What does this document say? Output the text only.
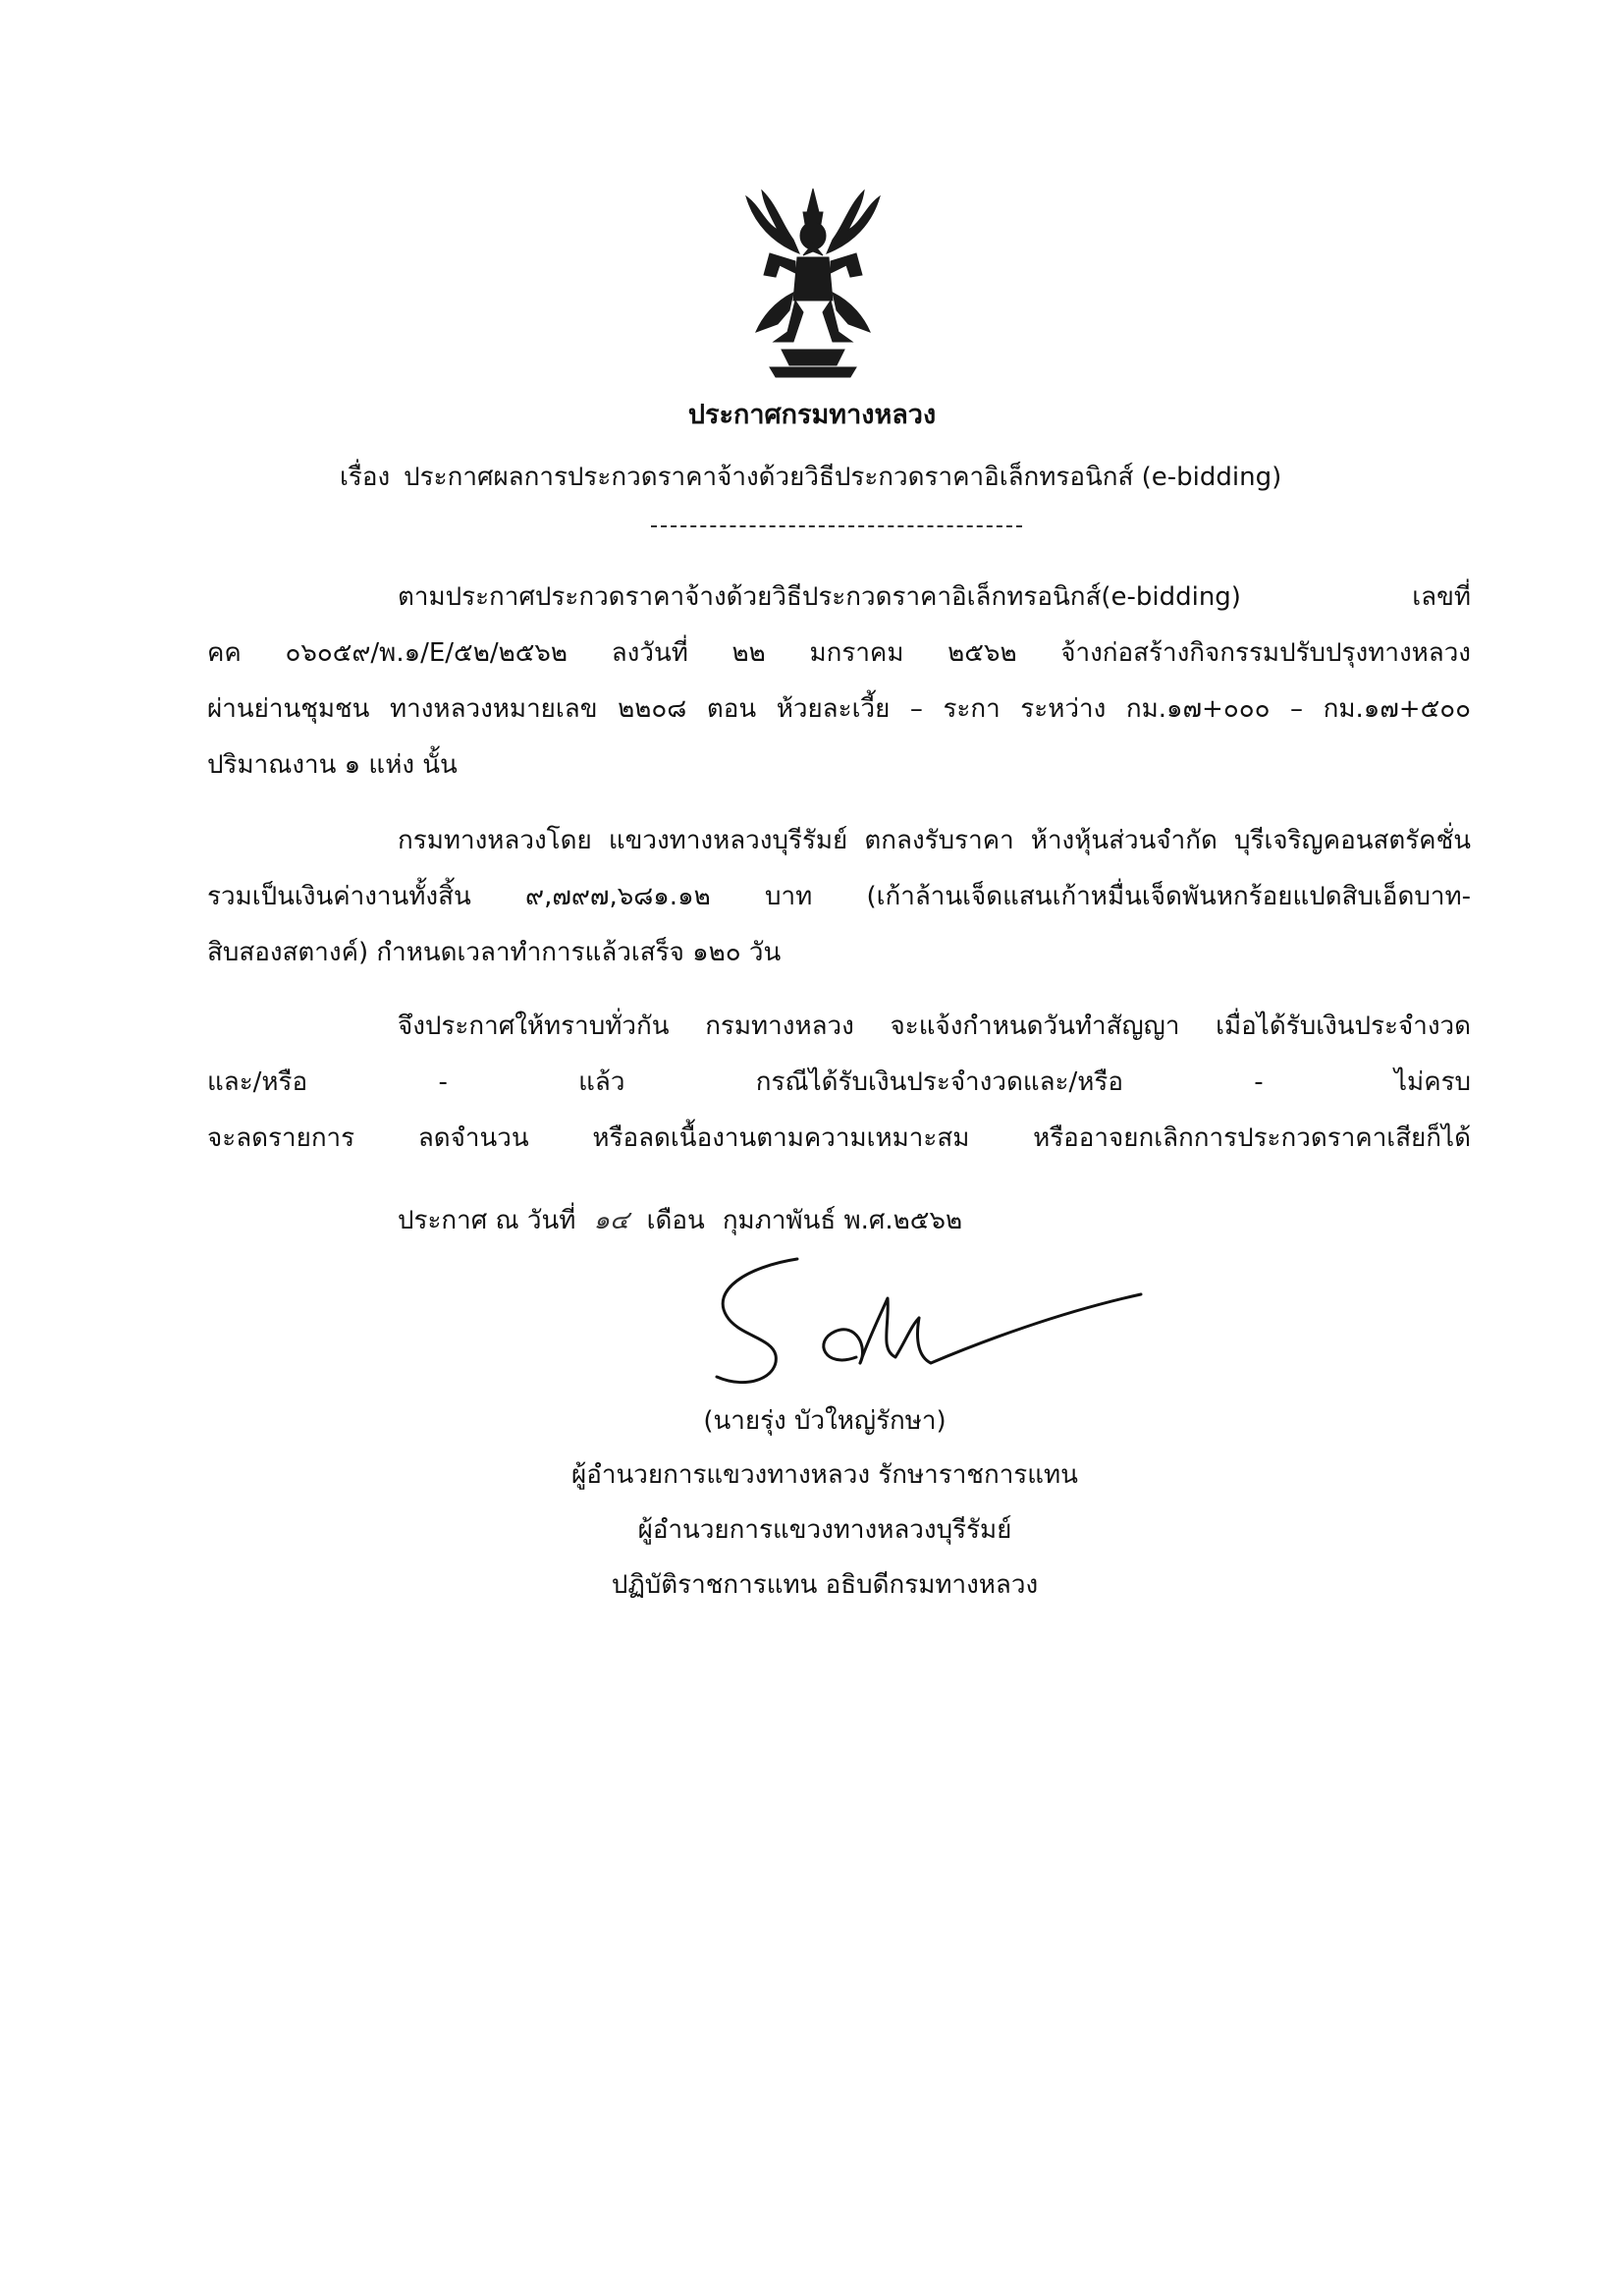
ประกาศกรมทางหลวง
เรื่อง ประกาศผลการประกวดราคาจ้างด้วยวิธีประกวดราคาอิเล็กทรอนิกส์ (e-bidding)
ตามประกาศประกวดราคาจ้างด้วยวิธีประกวดราคาอิเล็กทรอนิกส์(e-bidding) เลขที่
คค ๐๖๐๕๙/พ.๑/E/๕๒/๒๕๖๒ ลงวันที่ ๒๒ มกราคม ๒๕๖๒ จ้างก่อสร้างกิจกรรมปรับปรุงทางหลวง
ผ่านย่านชุมชน ทางหลวงหมายเลข ๒๒๐๘ ตอน ห้วยละเวี้ย – ระกา ระหว่าง กม.๑๗+๐๐๐ – กม.๑๗+๕๐๐
ปริมาณงาน ๑ แห่ง นั้น
กรมทางหลวงโดย แขวงทางหลวงบุรีรัมย์ ตกลงรับราคา ห้างหุ้นส่วนจำกัด บุรีเจริญคอนสตรัคชั่น
รวมเป็นเงินค่างานทั้งสิ้น ๙,๗๙๗,๖๘๑.๑๒ บาท (เก้าล้านเจ็ดแสนเก้าหมื่นเจ็ดพันหกร้อยแปดสิบเอ็ดบาท-
สิบสองสตางค์) กำหนดเวลาทำการแล้วเสร็จ ๑๒๐ วัน
จึงประกาศให้ทราบทั่วกัน กรมทางหลวง จะแจ้งกำหนดวันทำสัญญา เมื่อได้รับเงินประจำงวด
และ/หรือ	-	แล้ว	กรณีได้รับเงินประจำงวดและ/หรือ	-	ไม่ครบ
จะลดรายการ ลดจำนวน หรือลดเนื้องานตามความเหมาะสม หรืออาจยกเลิกการประกวดราคาเสียก็ได้
ประกาศ ณ วันที่ ๑๔ เดือน กุมภาพันธ์ พ.ศ.๒๕๖๒
(นายรุ่ง บัวใหญ่รักษา)
ผู้อำนวยการแขวงทางหลวง รักษาราชการแทน
ผู้อำนวยการแขวงทางหลวงบุรีรัมย์
ปฏิบัติราชการแทน อธิบดีกรมทางหลวง
